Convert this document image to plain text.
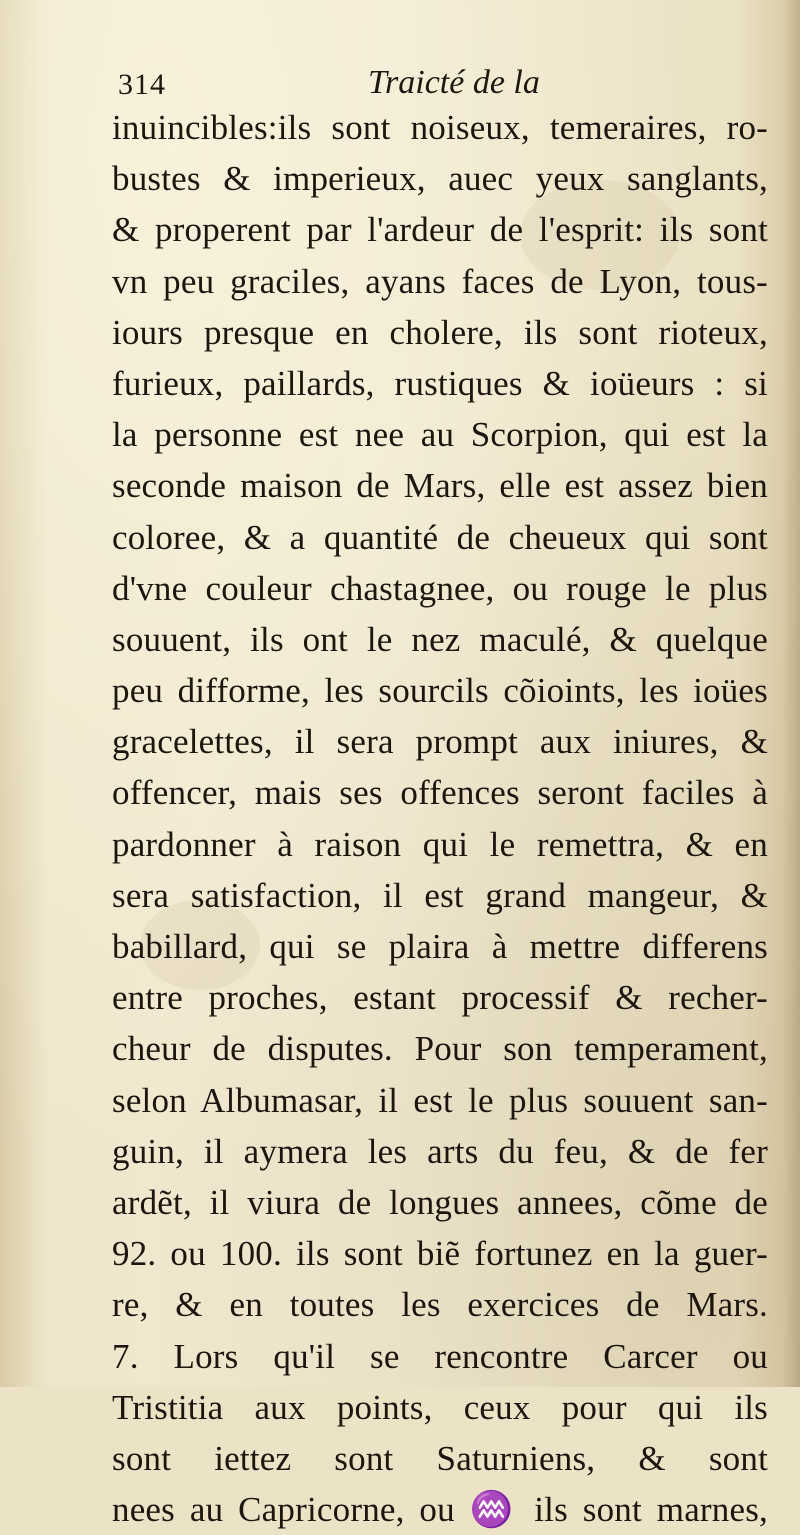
314	Traicté de la
inuincibles:ils sont noiseux, temeraires, ro-
bustes & imperieux, auec yeux sanglants,
& properent par l'ardeur de l'esprit: ils sont
vn peu graciles, ayans faces de Lyon, tous-
iours presque en cholere, ils sont rioteux,
furieux, paillards, rustiques & ioüeurs : si
la personne est nee au Scorpion, qui est la
seconde maison de Mars, elle est assez bien
coloree, & a quantité de cheueux qui sont
d'vne couleur chastagnee, ou rouge le plus
souuent, ils ont le nez maculé, & quelque
peu difforme, les sourcils cõioints, les ioües
gracelettes, il sera prompt aux iniures, &
offencer, mais ses offences seront faciles à
pardonner à raison qui le remettra, & en
sera satisfaction, il est grand mangeur, &
babillard, qui se plaira à mettre differens
entre proches, estant processif & recher-
cheur de disputes. Pour son temperament,
selon Albumasar, il est le plus souuent san-
guin, il aymera les arts du feu, & de fer
ardẽt, il viura de longues annees, cõme de
92. ou 100. ils sont biẽ fortunez en la guer-
re, & en toutes les exercices de Mars.
7. Lors qu'il se rencontre Carcer ou
Tristitia aux points, ceux pour qui ils
sont iettez sont Saturniens, & sont
nees au Capricorne, ou ♒ ils sont marnes,
